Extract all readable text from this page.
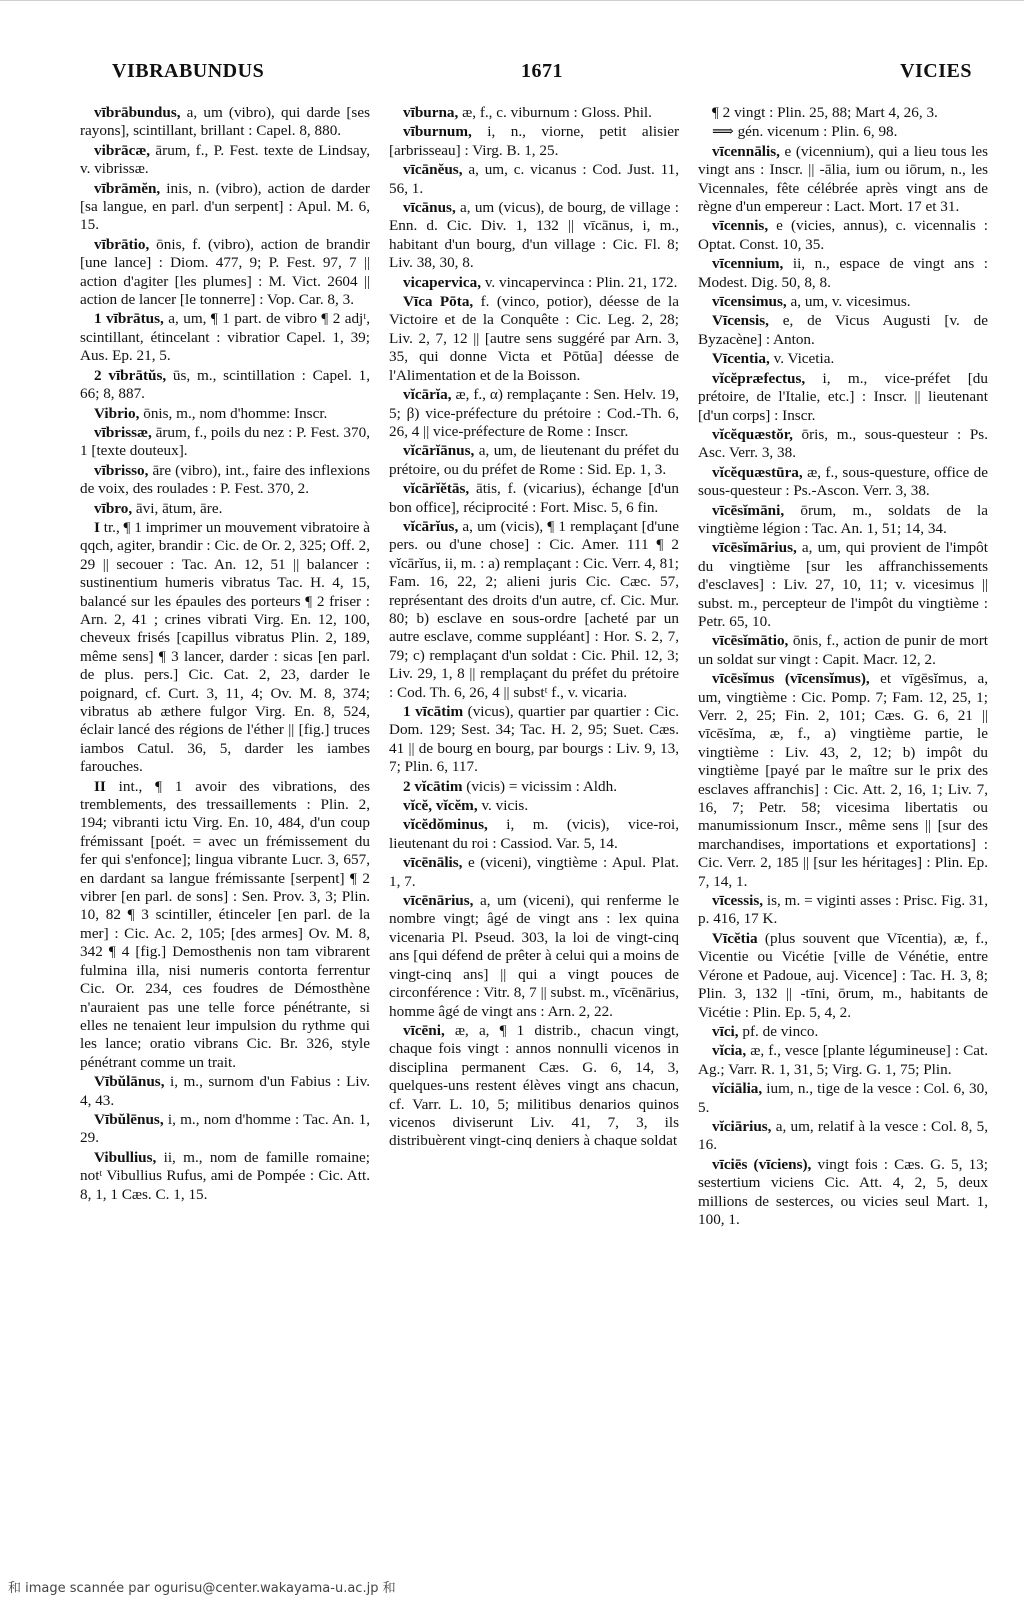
VIBRABUNDUS	1671	VICIES

vībrābundus, a, um (vibro), qui darde [ses rayons], scintillant, brillant : Capel. 8, 880.

vibrācæ, ārum, f., P. Fest. texte de Lindsay, v. vibrissæ.

vībrāmĕn, inis, n. (vibro), action de darder [sa langue, en parl. d'un serpent] : Apul. M. 6, 15.

vībrātio, ōnis, f. (vibro), action de brandir [une lance] : Diom. 477, 9; P. Fest. 97, 7 || action d'agiter [les plumes] : M. Vict. 2604 || action de lancer [le tonnerre] : Vop. Car. 8, 3.

1 vībrātus, a, um, ¶ 1 part. de vibro ¶ 2 adjᵗ, scintillant, étincelant : vibratior Capel. 1, 39; Aus. Ep. 21, 5.

2 vībrātŭs, ūs, m., scintillation : Capel. 1, 66; 8, 887.

Vibrio, ōnis, m., nom d'homme: Inscr.

vībrissæ, ārum, f., poils du nez : P. Fest. 370, 1 [texte douteux].

vībrisso, āre (vibro), int., faire des inflexions de voix, des roulades : P. Fest. 370, 2.

vībro, āvi, ātum, āre.

I tr., ¶ 1 imprimer un mouvement vibratoire à qqch, agiter, brandir : Cic. de Or. 2, 325; Off. 2, 29 || secouer : Tac. An. 12, 51 || balancer : sustinentium humeris vibratus Tac. H. 4, 15, balancé sur les épaules des porteurs ¶ 2 friser : Arn. 2, 41 ; crines vibrati Virg. En. 12, 100, cheveux frisés [capillus vibratus Plin. 2, 189, même sens] ¶ 3 lancer, darder : sicas [en parl. de plus. pers.] Cic. Cat. 2, 23, darder le poignard, cf. Curt. 3, 11, 4; Ov. M. 8, 374; vibratus ab æthere fulgor Virg. En. 8, 524, éclair lancé des régions de l'éther || [fig.] truces iambos Catul. 36, 5, darder les iambes farouches.

II int., ¶ 1 avoir des vibrations, des tremblements, des tressaillements : Plin. 2, 194; vibranti ictu Virg. En. 10, 484, d'un coup frémissant [poét. = avec un frémissement du fer qui s'enfonce]; lingua vibrante Lucr. 3, 657, en dardant sa langue frémissante [serpent] ¶ 2 vibrer [en parl. de sons] : Sen. Prov. 3, 3; Plin. 10, 82 ¶ 3 scintiller, étinceler [en parl. de la mer] : Cic. Ac. 2, 105; [des armes] Ov. M. 8, 342 ¶ 4 [fig.] Demosthenis non tam vibrarent fulmina illa, nisi numeris contorta ferrentur Cic. Or. 234, ces foudres de Démosthène n'auraient pas une telle force pénétrante, si elles ne tenaient leur impulsion du rythme qui les lance; oratio vibrans Cic. Br. 326, style pénétrant comme un trait.

Vībŭlānus, i, m., surnom d'un Fabius : Liv. 4, 43.

Vībŭlēnus, i, m., nom d'homme : Tac. An. 1, 29.

Vibullius, ii, m., nom de famille romaine; notᵗ Vibullius Rufus, ami de Pompée : Cic. Att. 8, 1, 1 Cæs. C. 1, 15.

vīburna, æ, f., c. viburnum : Gloss. Phil.

vīburnum, i, n., viorne, petit alisier [arbrisseau] : Virg. B. 1, 25.

vīcānĕus, a, um, c. vicanus : Cod. Just. 11, 56, 1.

vīcānus, a, um (vicus), de bourg, de village : Enn. d. Cic. Div. 1, 132 || vīcānus, i, m., habitant d'un bourg, d'un village : Cic. Fl. 8; Liv. 38, 30, 8.

vicapervica, v. vincapervinca : Plin. 21, 172.

Vīca Pōta, f. (vinco, potior), déesse de la Victoire et de la Conquête : Cic. Leg. 2, 28; Liv. 2, 7, 12 || [autre sens suggéré par Arn. 3, 35, qui donne Victa et Pōtŭa] déesse de l'Alimentation et de la Boisson.

vĭcārĭa, æ, f., α) remplaçante : Sen. Helv. 19, 5; β) vice-préfecture du prétoire : Cod.-Th. 6, 26, 4 || vice-préfecture de Rome : Inscr.

vĭcārĭānus, a, um, de lieutenant du préfet du prétoire, ou du préfet de Rome : Sid. Ep. 1, 3.

vĭcārĭĕtās, ātis, f. (vicarius), échange [d'un bon office], réciprocité : Fort. Misc. 5, 6 fin.

vĭcārĭus, a, um (vicis), ¶ 1 remplaçant [d'une pers. ou d'une chose] : Cic. Amer. 111 ¶ 2 vĭcārĭus, ii, m. : a) remplaçant : Cic. Verr. 4, 81; Fam. 16, 22, 2; alieni juris Cic. Cæc. 57, représentant des droits d'un autre, cf. Cic. Mur. 80; b) esclave en sous-ordre [acheté par un autre esclave, comme suppléant] : Hor. S. 2, 7, 79; c) remplaçant d'un soldat : Cic. Phil. 12, 3; Liv. 29, 1, 8 || remplaçant du préfet du prétoire : Cod. Th. 6, 26, 4 || substᵗ f., v. vicaria.

1 vīcātim (vicus), quartier par quartier : Cic. Dom. 129; Sest. 34; Tac. H. 2, 95; Suet. Cæs. 41 || de bourg en bourg, par bourgs : Liv. 9, 13, 7; Plin. 6, 117.

2 vĭcātim (vicis) = vicissim : Aldh.

vĭcĕ, vĭcĕm, v. vicis.

vĭcĕdŏminus, i, m. (vicis), vice-roi, lieutenant du roi : Cassiod. Var. 5, 14.

vīcēnālis, e (viceni), vingtième : Apul. Plat. 1, 7.

vīcēnārius, a, um (viceni), qui renferme le nombre vingt; âgé de vingt ans : lex quina vicenaria Pl. Pseud. 303, la loi de vingt-cinq ans [qui défend de prêter à celui qui a moins de vingt-cinq ans] || qui a vingt pouces de circonférence : Vitr. 8, 7 || subst. m., vīcēnārius, homme âgé de vingt ans : Arn. 2, 22.

vīcēni, æ, a, ¶ 1 distrib., chacun vingt, chaque fois vingt : annos nonnulli vicenos in disciplina permanent Cæs. G. 6, 14, 3, quelques-uns restent élèves vingt ans chacun, cf. Varr. L. 10, 5; militibus denarios quinos vicenos diviserunt Liv. 41, 7, 3, ils distribuèrent vingt-cinq deniers à chaque soldat

¶ 2 vingt : Plin. 25, 88; Mart 4, 26, 3.

⟹ gén. vicenum : Plin. 6, 98.

vīcennālis, e (vicennium), qui a lieu tous les vingt ans : Inscr. || -ālia, ium ou iōrum, n., les Vicennales, fête célébrée après vingt ans de règne d'un empereur : Lact. Mort. 17 et 31.

vīcennis, e (vicies, annus), c. vicennalis : Optat. Const. 10, 35.

vīcennium, ii, n., espace de vingt ans : Modest. Dig. 50, 8, 8.

vīcensimus, a, um, v. vicesimus.

Vīcensis, e, de Vicus Augusti [v. de Byzacène] : Anton.

Vīcentia, v. Vicetia.

vĭcĕpræfectus, i, m., vice-préfet [du prétoire, de l'Italie, etc.] : Inscr. || lieutenant [d'un corps] : Inscr.

vĭcĕquæstŏr, ōris, m., sous-questeur : Ps. Asc. Verr. 3, 38.

vĭcĕquæstūra, æ, f., sous-questure, office de sous-questeur : Ps.-Ascon. Verr. 3, 38.

vīcēsĭmāni, ōrum, m., soldats de la vingtième légion : Tac. An. 1, 51; 14, 34.

vīcēsĭmārius, a, um, qui provient de l'impôt du vingtième [sur les affranchissements d'esclaves] : Liv. 27, 10, 11; v. vicesimus || subst. m., percepteur de l'impôt du vingtième : Petr. 65, 10.

vīcēsĭmātio, ōnis, f., action de punir de mort un soldat sur vingt : Capit. Macr. 12, 2.

vīcēsĭmus (vīcensĭmus), et vīgēsĭmus, a, um, vingtième : Cic. Pomp. 7; Fam. 12, 25, 1; Verr. 2, 25; Fin. 2, 101; Cæs. G. 6, 21 || vīcēsĭma, æ, f., a) vingtième partie, le vingtième : Liv. 43, 2, 12; b) impôt du vingtième [payé par le maître sur le prix des esclaves affranchis] : Cic. Att. 2, 16, 1; Liv. 7, 16, 7; Petr. 58; vicesima libertatis ou manumissionum Inscr., même sens || [sur des marchandises, importations et exportations] : Cic. Verr. 2, 185 || [sur les héritages] : Plin. Ep. 7, 14, 1.

vīcessis, is, m. = viginti asses : Prisc. Fig. 31, p. 416, 17 K.

Vīcĕtia (plus souvent que Vīcentia), æ, f., Vicentie ou Vicétie [ville de Vénétie, entre Vérone et Padoue, auj. Vicence] : Tac. H. 3, 8; Plin. 3, 132 || -tīni, ōrum, m., habitants de Vicétie : Plin. Ep. 5, 4, 2.

vīci, pf. de vinco.

vĭcia, æ, f., vesce [plante légumineuse] : Cat. Ag.; Varr. R. 1, 31, 5; Virg. G. 1, 75; Plin.

vĭciālia, ium, n., tige de la vesce : Col. 6, 30, 5.

vĭciārius, a, um, relatif à la vesce : Col. 8, 5, 16.

vīciēs (vīciens), vingt fois : Cæs. G. 5, 13; sestertium viciens Cic. Att. 4, 2, 5, deux millions de sesterces, ou vicies seul Mart. 1, 100, 1.

和 image scannée par ogurisu@center.wakayama-u.ac.jp 和
